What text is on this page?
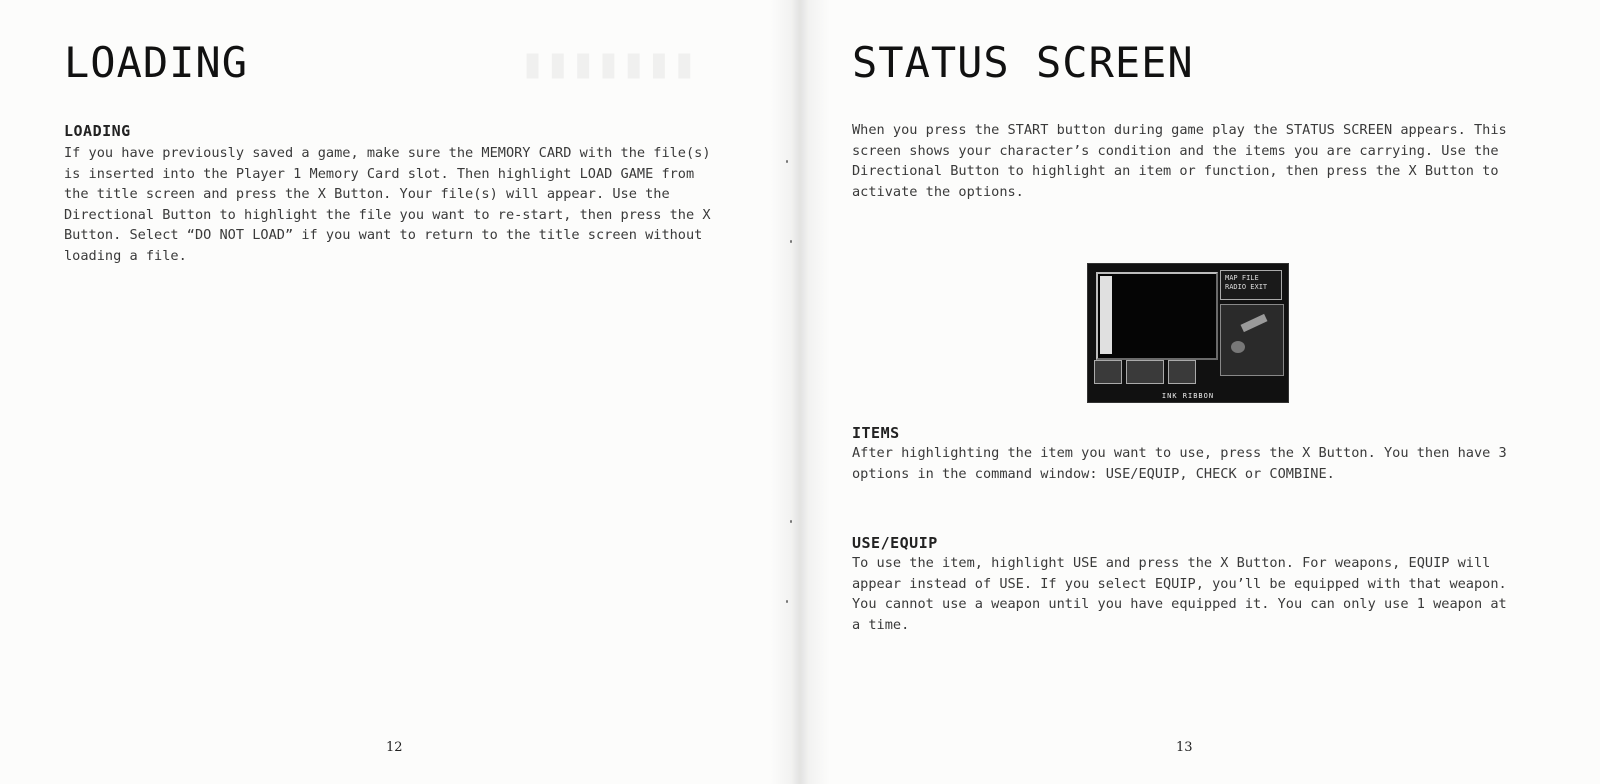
LOADING
LOADING

If you have previously saved a game, make sure the MEMORY CARD with the file(s) is inserted into the Player 1 Memory Card slot. Then highlight LOAD GAME from the title screen and press the X Button. Your file(s) will appear. Use the Directional Button to highlight the file you want to re-start, then press the X Button. Select “DO NOT LOAD” if you want to return to the title screen without loading a file.

12
STATUS SCREEN

When you press the START button during game play the STATUS SCREEN appears. This screen shows your character’s condition and the items you are carrying. Use the Directional Button to highlight an item or function, then press the X Button to activate the options.

MAP FILE
RADIO EXIT
INK RIBBON
ITEMS

After highlighting the item you want to use, press the X Button. You then have 3 options in the command window: USE/EQUIP, CHECK or COMBINE.

USE/EQUIP

To use the item, highlight USE and press the X Button. For weapons, EQUIP will appear instead of USE. If you select EQUIP, you’ll be equipped with that weapon. You cannot use a weapon until you have equipped it. You can only use 1 weapon at a time.

13
